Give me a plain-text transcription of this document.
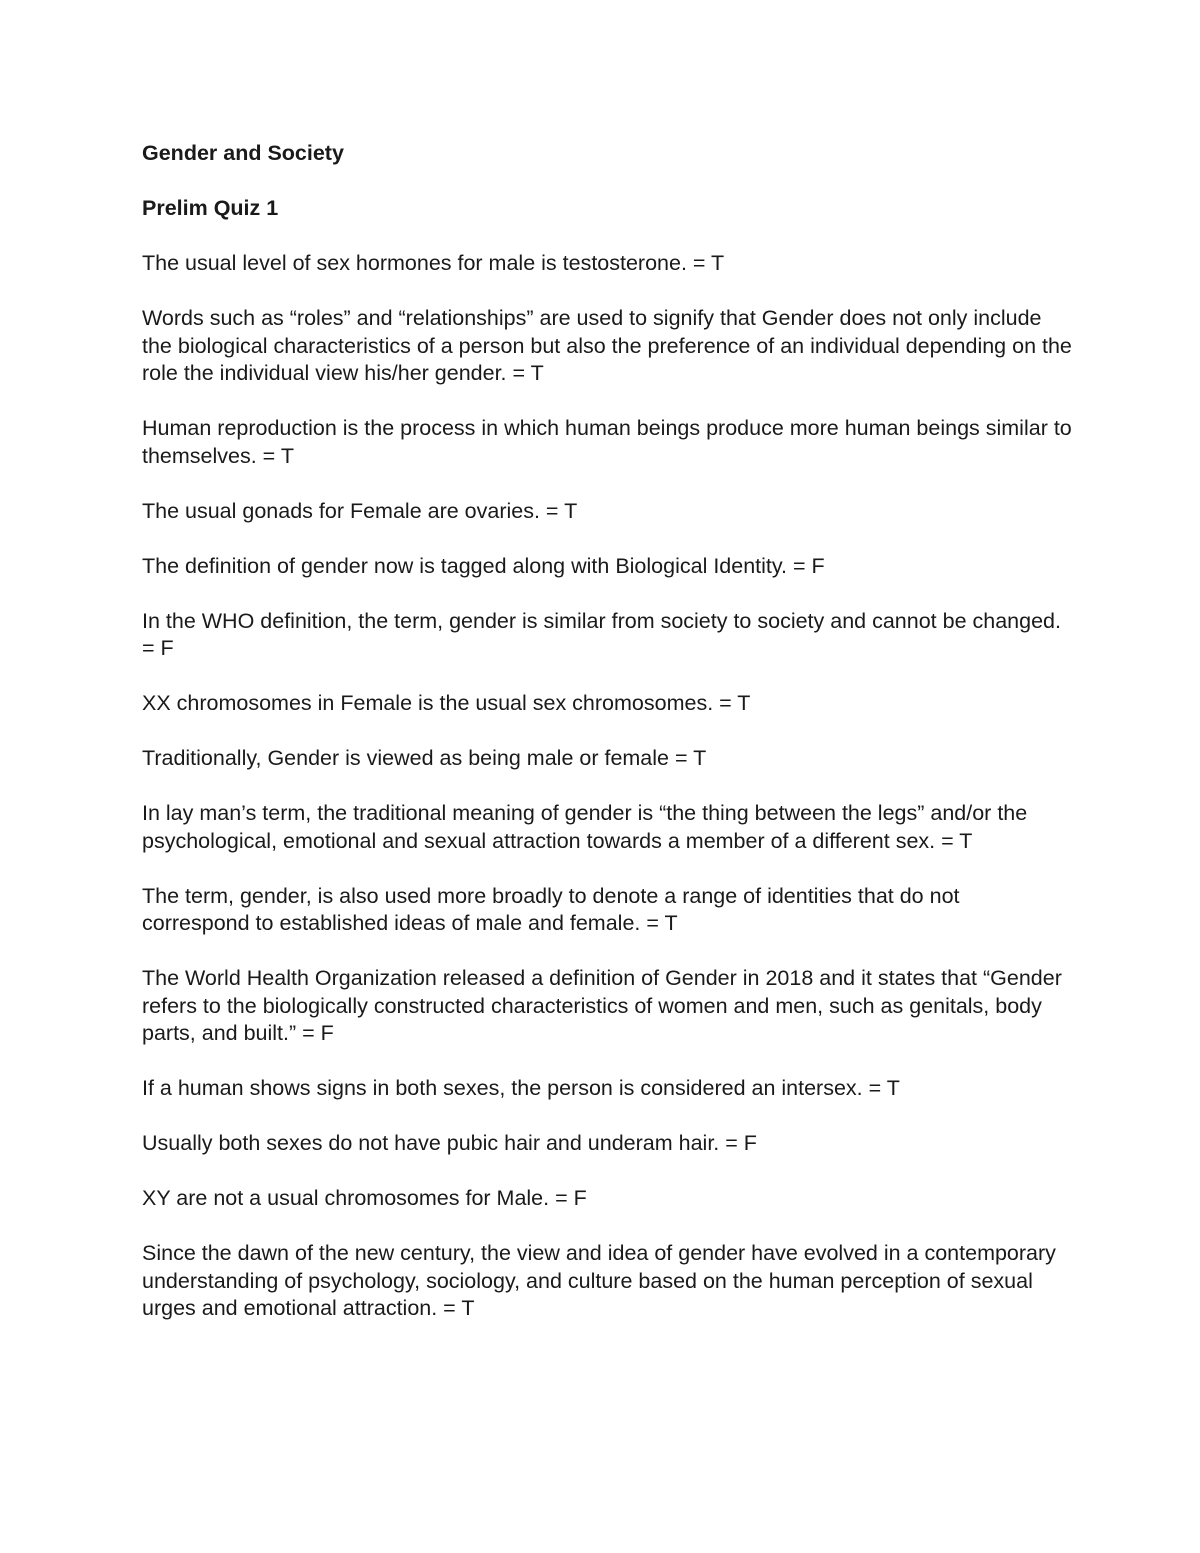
Gender and Society
Prelim Quiz 1

The usual level of sex hormones for male is testosterone. = T

Words such as “roles” and “relationships” are used to signify that Gender does not only include the biological characteristics of a person but also the preference of an individual depending on the role the individual view his/her gender. = T

Human reproduction is the process in which human beings produce more human beings similar to themselves. = T

The usual gonads for Female are ovaries. = T

The definition of gender now is tagged along with Biological Identity. = F

In the WHO definition, the term, gender is similar from society to society and cannot be changed. = F

XX chromosomes in Female is the usual sex chromosomes. = T

Traditionally, Gender is viewed as being male or female = T

In lay man’s term, the traditional meaning of gender is “the thing between the legs” and/or the psychological, emotional and sexual attraction towards a member of a different sex. = T

The term, gender, is also used more broadly to denote a range of identities that do not correspond to established ideas of male and female. = T

The World Health Organization released a definition of Gender in 2018 and it states that “Gender refers to the biologically constructed characteristics of women and men, such as genitals, body parts, and built.” = F

If a human shows signs in both sexes, the person is considered an intersex. = T

Usually both sexes do not have pubic hair and underam hair. = F

XY are not a usual chromosomes for Male. = F

Since the dawn of the new century, the view and idea of gender have evolved in a contemporary understanding of psychology, sociology, and culture based on the human perception of sexual urges and emotional attraction. = T
